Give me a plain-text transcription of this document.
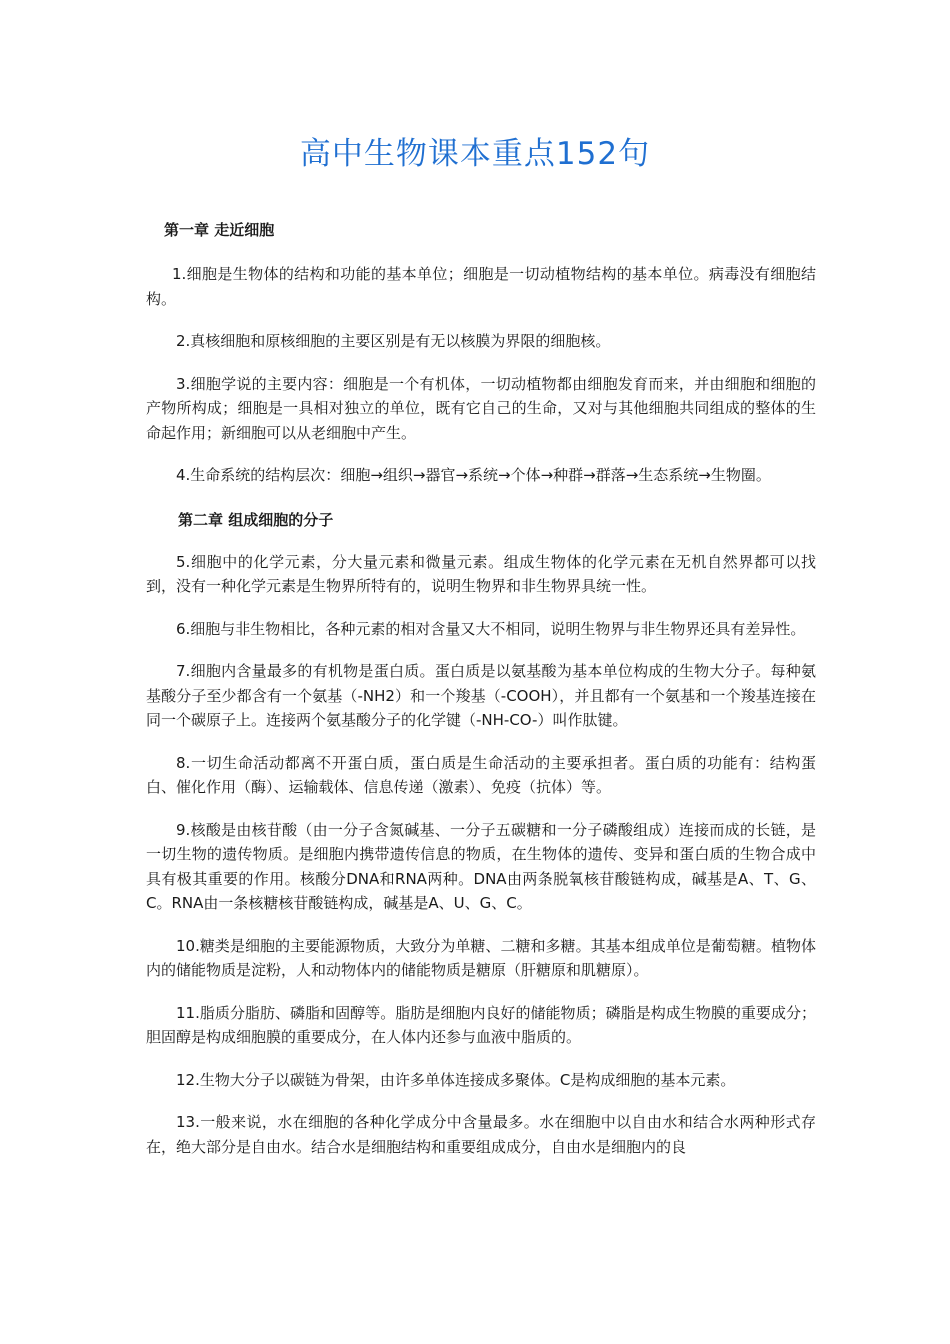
高中生物课本重点152句

第一章 走近细胞

1.细胞是生物体的结构和功能的基本单位；细胞是一切动植物结构的基本单位。病毒没有细胞结构。

2.真核细胞和原核细胞的主要区别是有无以核膜为界限的细胞核。

3.细胞学说的主要内容：细胞是一个有机体，一切动植物都由细胞发育而来，并由细胞和细胞的产物所构成；细胞是一具相对独立的单位，既有它自己的生命，又对与其他细胞共同组成的整体的生命起作用；新细胞可以从老细胞中产生。

4.生命系统的结构层次：细胞→组织→器官→系统→个体→种群→群落→生态系统→生物圈。

第二章 组成细胞的分子

5.细胞中的化学元素，分大量元素和微量元素。组成生物体的化学元素在无机自然界都可以找到，没有一种化学元素是生物界所特有的，说明生物界和非生物界具统一性。

6.细胞与非生物相比，各种元素的相对含量又大不相同，说明生物界与非生物界还具有差异性。

7.细胞内含量最多的有机物是蛋白质。蛋白质是以氨基酸为基本单位构成的生物大分子。每种氨基酸分子至少都含有一个氨基（-NH2）和一个羧基（-COOH），并且都有一个氨基和一个羧基连接在同一个碳原子上。连接两个氨基酸分子的化学键（-NH-CO-）叫作肽键。

8.一切生命活动都离不开蛋白质，蛋白质是生命活动的主要承担者。蛋白质的功能有：结构蛋白、催化作用（酶）、运输载体、信息传递（激素）、免疫（抗体）等。

9.核酸是由核苷酸（由一分子含氮碱基、一分子五碳糖和一分子磷酸组成）连接而成的长链，是一切生物的遗传物质。是细胞内携带遗传信息的物质，在生物体的遗传、变异和蛋白质的生物合成中具有极其重要的作用。核酸分DNA和RNA两种。DNA由两条脱氧核苷酸链构成，碱基是A、T、G、C。RNA由一条核糖核苷酸链构成，碱基是A、U、G、C。

10.糖类是细胞的主要能源物质，大致分为单糖、二糖和多糖。其基本组成单位是葡萄糖。植物体内的储能物质是淀粉，人和动物体内的储能物质是糖原（肝糖原和肌糖原）。

11.脂质分脂肪、磷脂和固醇等。脂肪是细胞内良好的储能物质；磷脂是构成生物膜的重要成分；胆固醇是构成细胞膜的重要成分，在人体内还参与血液中脂质的。

12.生物大分子以碳链为骨架，由许多单体连接成多聚体。C是构成细胞的基本元素。

13.一般来说，水在细胞的各种化学成分中含量最多。水在细胞中以自由水和结合水两种形式存在，绝大部分是自由水。结合水是细胞结构和重要组成成分，自由水是细胞内的良
